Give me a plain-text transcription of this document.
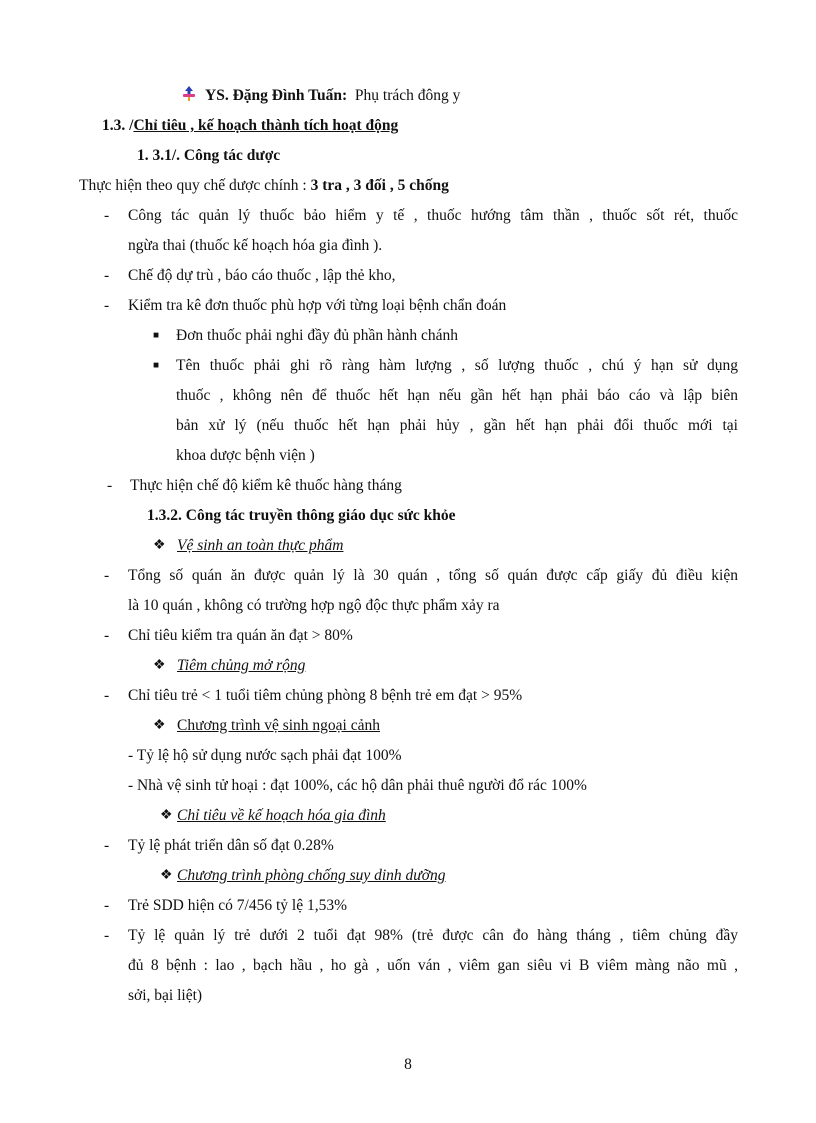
YS. Đặng Đình Tuấn: Phụ trách đông y
1.3. /Chỉ tiêu , kế hoạch thành tích hoạt động
1. 3.1/. Công tác dược
Thực hiện theo quy chế dược chính : 3 tra , 3 đối , 5 chống
- Công tác quản lý thuốc bảo hiểm y tế , thuốc hướng tâm thần , thuốc sốt rét, thuốc
ngừa thai (thuốc kế hoạch hóa gia đình ).
- Chế độ dự trù , báo cáo thuốc , lập thẻ kho,
- Kiểm tra kê đơn thuốc phù hợp với từng loại bệnh chẩn đoán
■ Đơn thuốc phải nghi đầy đủ phần hành chánh
■ Tên thuốc phải ghi rõ ràng hàm lượng , số lượng thuốc , chú ý hạn sử dụng
thuốc , không nên để thuốc hết hạn nếu gần hết hạn phải báo cáo và lập biên
bản xử lý (nếu thuốc hết hạn phải hủy , gần hết hạn phải đổi thuốc mới tại
khoa dược bệnh viện )
- Thực hiện chế độ kiểm kê thuốc hàng tháng
1.3.2. Công tác truyền thông giáo dục sức khỏe
❖ Vệ sinh an toàn thực phẩm
- Tổng số quán ăn được quản lý là 30 quán , tổng số quán được cấp giấy đủ điều kiện
là 10 quán , không có trường hợp ngộ độc thực phẩm xảy ra
- Chỉ tiêu kiểm tra quán ăn đạt > 80%
❖ Tiêm chủng mở rộng
- Chỉ tiêu trẻ < 1 tuổi tiêm chủng phòng 8 bệnh trẻ em đạt > 95%
❖ Chương trình vệ sinh ngoại cảnh
- Tỷ lệ hộ sử dụng nước sạch phải đạt 100%
- Nhà vệ sinh tử hoại : đạt 100%, các hộ dân phải thuê người đổ rác 100%
❖ Chỉ tiêu về kế hoạch hóa gia đình
- Tỷ lệ phát triển dân số đạt 0.28%
❖ Chương trình phòng chống suy dinh dưỡng
- Trẻ SDD hiện có 7/456 tỷ lệ 1,53%
- Tỷ lệ quản lý trẻ dưới 2 tuổi đạt 98% (trẻ được cân đo hàng tháng , tiêm chủng đầy
đủ 8 bệnh : lao , bạch hầu , ho gà , uốn ván , viêm gan siêu vi B viêm màng não mũ ,
sởi, bại liệt)
8
